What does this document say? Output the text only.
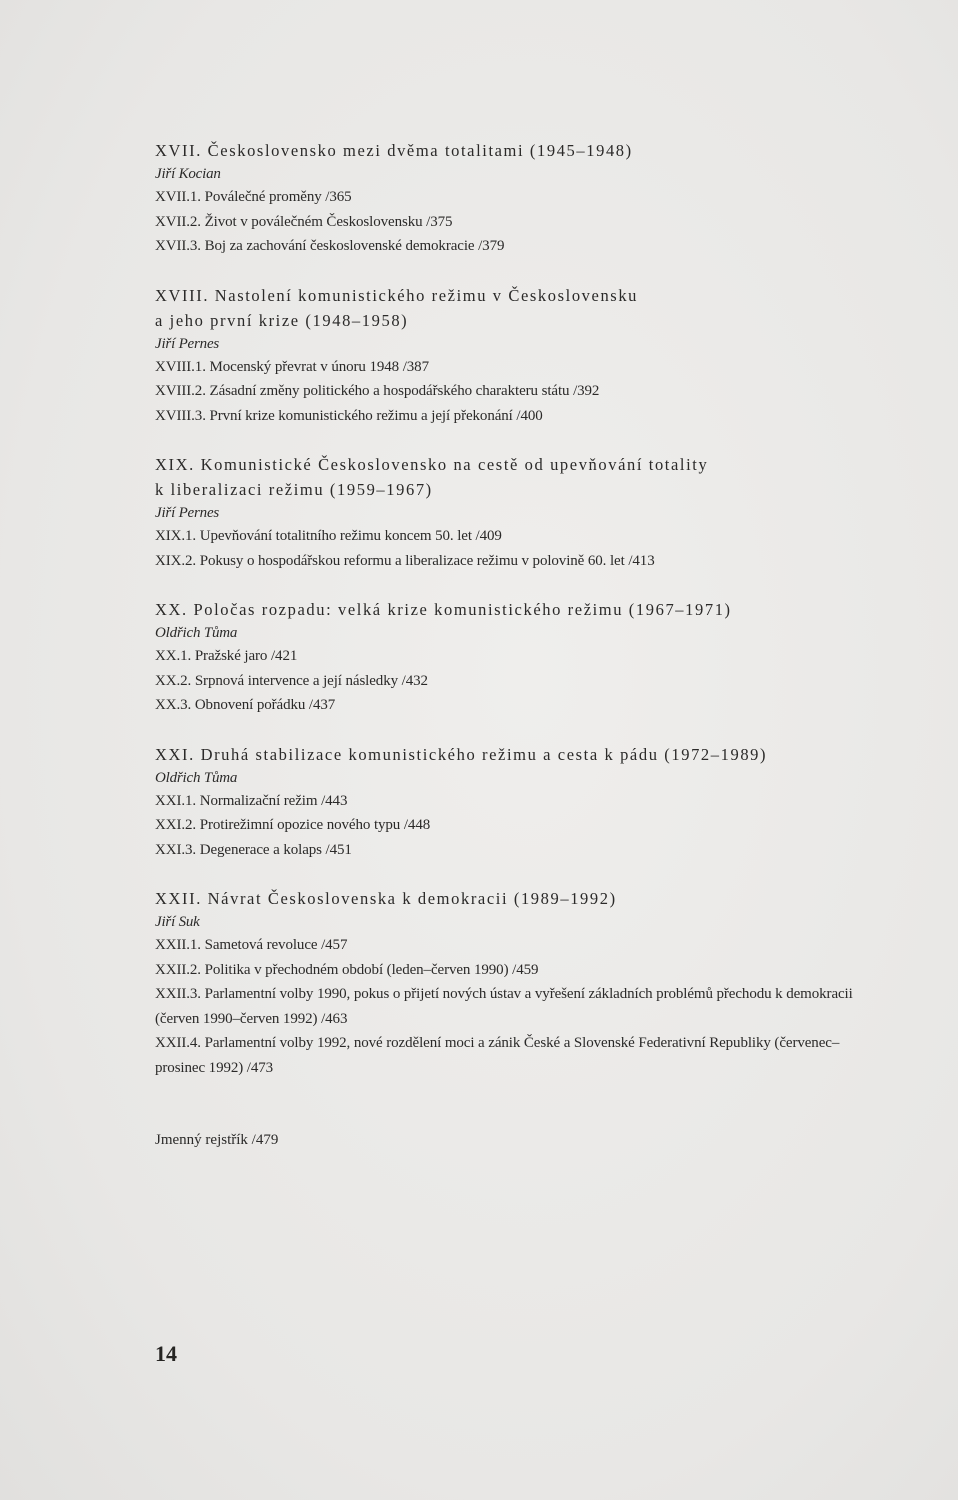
XVII. Československo mezi dvěma totalitami (1945–1948)
Jiří Kocian
XVII.1. Poválečné proměny /365
XVII.2. Život v poválečném Československu /375
XVII.3. Boj za zachování československé demokracie /379
XVIII. Nastolení komunistického režimu v Československu
a jeho první krize (1948–1958)
Jiří Pernes
XVIII.1. Mocenský převrat v únoru 1948 /387
XVIII.2. Zásadní změny politického a hospodářského charakteru státu /392
XVIII.3. První krize komunistického režimu a její překonání /400
XIX. Komunistické Československo na cestě od upevňování totality
k liberalizaci režimu (1959–1967)
Jiří Pernes
XIX.1. Upevňování totalitního režimu koncem 50. let /409
XIX.2. Pokusy o hospodářskou reformu a liberalizace režimu v polovině 60. let /413
XX. Poločas rozpadu: velká krize komunistického režimu (1967–1971)
Oldřich Tůma
XX.1. Pražské jaro /421
XX.2. Srpnová intervence a její následky /432
XX.3. Obnovení pořádku /437
XXI. Druhá stabilizace komunistického režimu a cesta k pádu (1972–1989)
Oldřich Tůma
XXI.1. Normalizační režim /443
XXI.2. Protirežimní opozice nového typu /448
XXI.3. Degenerace a kolaps /451
XXII. Návrat Československa k demokracii (1989–1992)
Jiří Suk
XXII.1. Sametová revoluce /457
XXII.2. Politika v přechodném období (leden–červen 1990) /459
XXII.3. Parlamentní volby 1990, pokus o přijetí nových ústav a vyřešení základních problémů přechodu k demokracii (červen 1990–červen 1992) /463
XXII.4. Parlamentní volby 1992, nové rozdělení moci a zánik České a Slovenské Federativní Republiky (červenec–prosinec 1992) /473
Jmenný rejstřík /479
14
